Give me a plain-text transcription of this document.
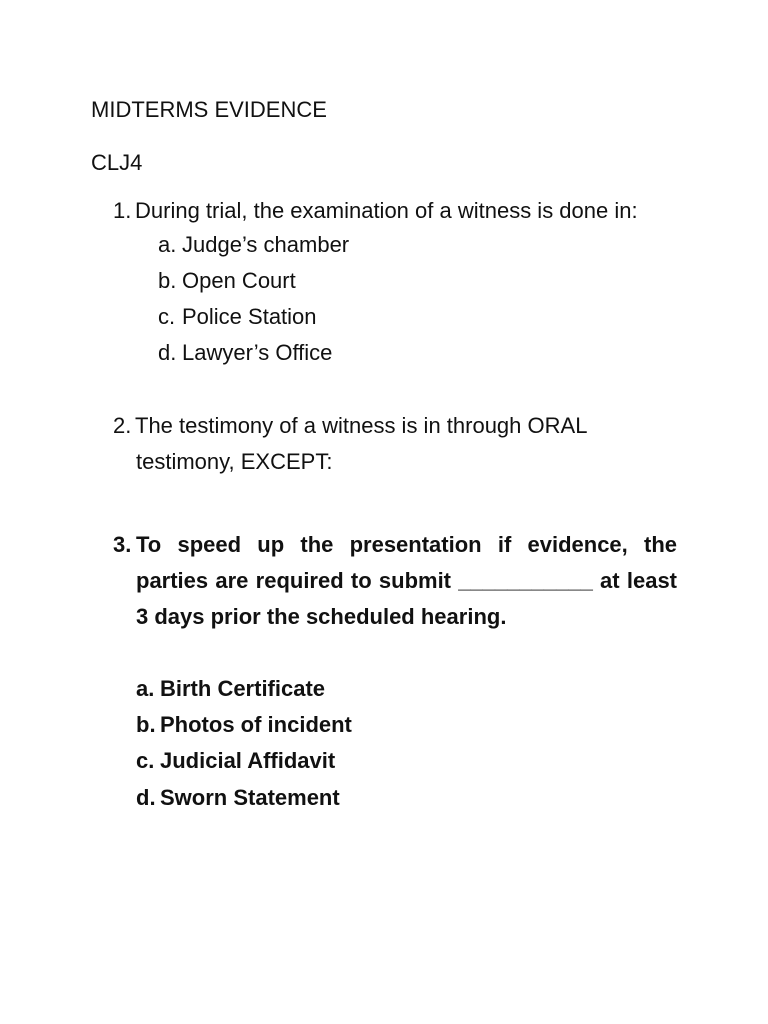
MIDTERMS EVIDENCE
CLJ4
1. During trial, the examination of a witness is done in:
a. Judge’s chamber
b. Open Court
c. Police Station
d. Lawyer’s Office
2. The testimony of a witness is in through ORAL
testimony, EXCEPT:
3. To speed up the presentation if evidence, the
parties are required to submit ___________ at least
3 days prior the scheduled hearing.
a. Birth Certificate
b. Photos of incident
c. Judicial Affidavit
d. Sworn Statement
